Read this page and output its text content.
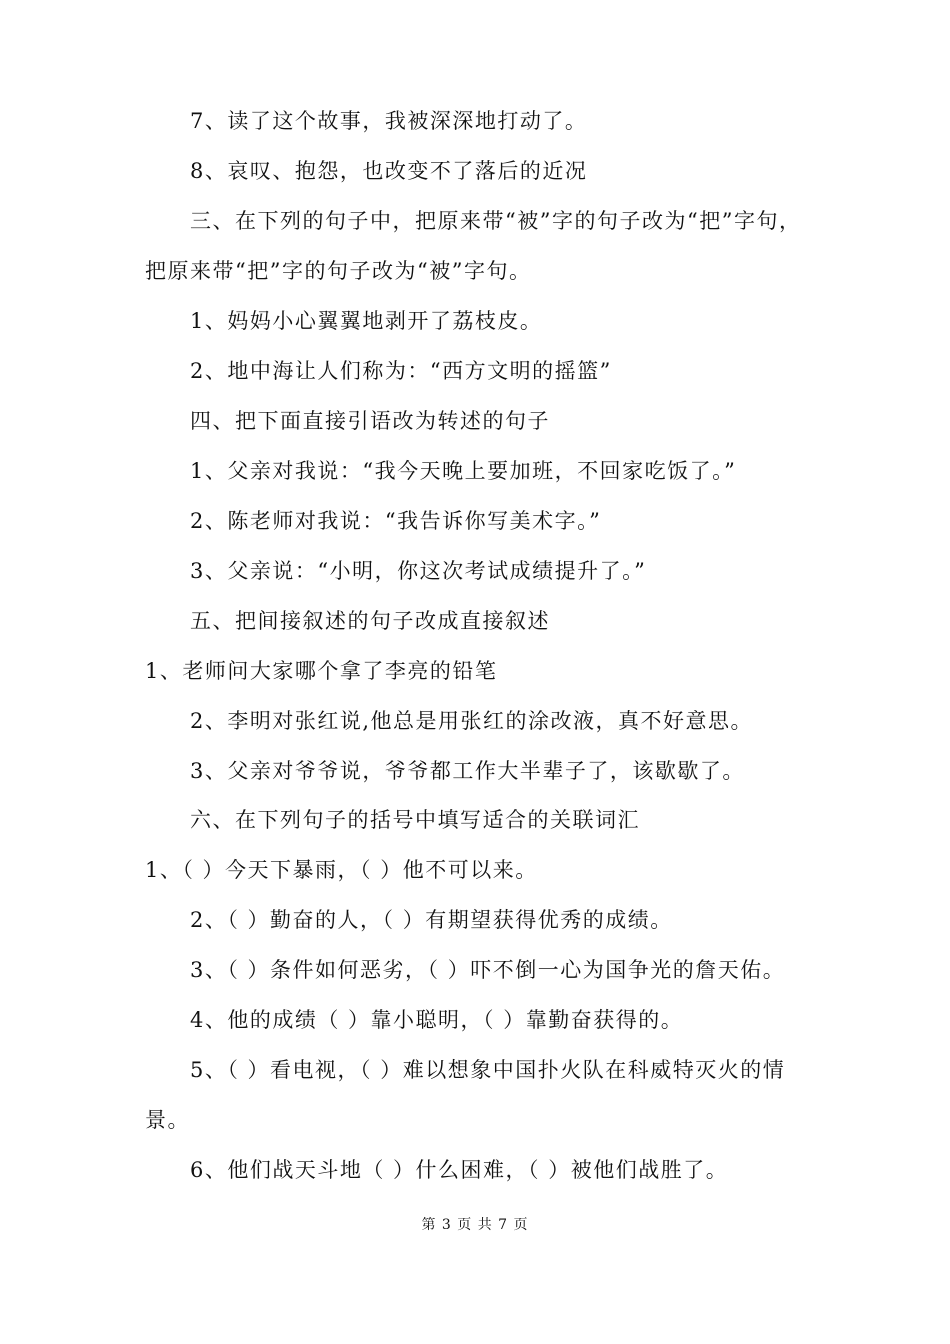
7、读了这个故事，我被深深地打动了。
8、哀叹、抱怨，也改变不了落后的近况
三、在下列的句子中，把原来带“被”字的句子改为“把”字句，
把原来带“把”字的句子改为“被”字句。
1、妈妈小心翼翼地剥开了荔枝皮。
2、地中海让人们称为：“西方文明的摇篮”
四、把下面直接引语改为转述的句子
1、父亲对我说：“我今天晚上要加班，不回家吃饭了。”
2、陈老师对我说：“我告诉你写美术字。”
3、父亲说：“小明，你这次考试成绩提升了。”
五、把间接叙述的句子改成直接叙述
1、老师问大家哪个拿了李亮的铅笔
2、李明对张红说,他总是用张红的涂改液，真不好意思。
3、父亲对爷爷说，爷爷都工作大半辈子了，该歇歇了。
六、在下列句子的括号中填写适合的关联词汇
1、（ ）今天下暴雨，（ ）他不可以来。
2、（ ）勤奋的人，（ ）有期望获得优秀的成绩。
3、（ ）条件如何恶劣，（ ）吓不倒一心为国争光的詹天佑。
4、他的成绩（ ）靠小聪明，（ ）靠勤奋获得的。
5、（ ）看电视，（ ）难以想象中国扑火队在科威特灭火的情
景。
6、他们战天斗地（ ）什么困难，（ ）被他们战胜了。
第 3 页 共 7 页
